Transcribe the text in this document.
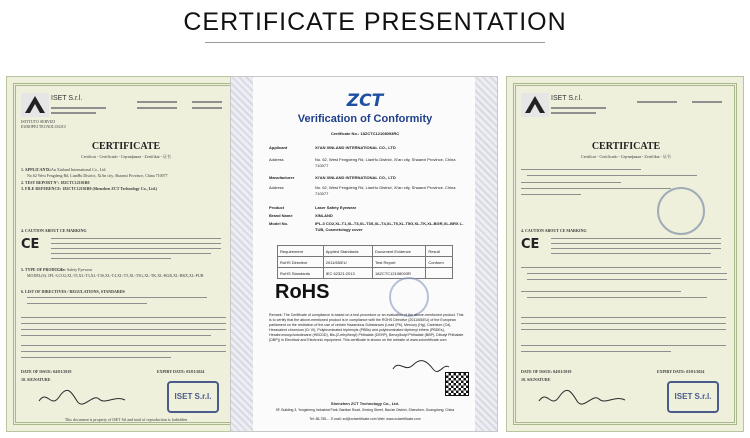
CERTIFICATE PRESENTATION
ISET S.r.l.
ISTITUTO SERVIZI
EUROPEI TECNOLOGICI
CERTIFICATE
Certificat - Certificado - Сертификат - Zertifikat - 证书
1. APPLICANT:
XiAn Xinland International Co., Ltd.
No.62 West Fengdeng Rd, LianHu District, XiAn city, Shaanxi Province, China 710077
2. TEST REPORT N°: 182CTC12101B0
3. FILE REFERENCE: 182CTC12101B0 (Shenzhen ZCT Technology Co., Ltd.)
4. CAUTION ABOUT CE MARKING
CE
5. TYPE OF PRODUCT:
Laser Safety Eyewear
MODEL(S): IPL-3,CO2,XL-TI,XL-T3,XL-T3S,XL-T4,XL-T5,XL-T5G,XL-TK,XL-BGR,XL-BRX,XL-PUB
6. LIST OF DIRECTIVES / REGULATIONS, STANDARDS
10. SIGNATURE
DATE OF ISSUE: 04/01/2019	EXPIRY DATE: 03/01/2024
ISET S.r.l.
This document is property of ISET Srl and total of reproduction is forbidden
ISET S.r.l.
CERTIFICATE
Certificat - Certificado - Сертификат - Zertifikat - 证书
4. CAUTION ABOUT CE MARKING
CE
DATE OF ISSUE: 04/01/2019	EXPIRY DATE: 03/01/2024
10. SIGNATURE
ISET S.r.l.
ZCT
Verification of Conformity
Certificate No.: 18ZCTC12108093RC
Applicant	XI'AN XINLAND INTERNATIONAL CO., LTD
Address	No. 62, West Fengdeng Rd, LianHu District, Xi'an city, Shaanxi Province, China 710077
Manufacturer	XI'AN XINLAND INTERNATIONAL CO., LTD
Address	No. 62, West Fengdeng Rd, LianHu District, Xi'an city, Shaanxi Province, China 710077
Product	Laser Safety Eyewear
Brand Name	XINLAND
Model No.	IPL-3 CO2,XL-T1,XL-T3,XL-T3S,XL-T4,XL-T5,XL-T5G,XL-TK,XL-BGR,XL-BRX L-TUB, Cosmetology cover
Requirement	Applied Standards	Document Evidence	Result
RoHS Directive	2011/65/EU	Test Report	Conform
RoHS Standards	IEC 62321:2013	18ZCTC12108093R	
RoHS
Remark: The Certificate of compliance is based on a test procedure or an evaluation of the above-mentioned product. This is to certify that the above-mentioned product is in compliance with the ROHS Directive (2011/65/EU) of the European parliament on the restriction of the use of certain Hazardous Substances (Lead (Pb), Mercury (Hg), Cadmium (Cd), Hexavalent chromium (Cr VI), Polybrominated biphenyls (PBBs) and polybrominated diphenyl ethers (PBDEs), Hexabromocyclododecane (HBCDD), Bis-(2-ethylhexyl) Phthalate (DEHP), Benzylbutyl Phthalate (BBP), Dibutyl Phthalate (DBP)) in Electrical and Electronic equipment. This certificate is shown on the website of www.zctcertificate.com
Shenzhen ZCT Technology Co., Ltd.
5F, Building 3, Yongsheng Industrial Park, Bantian Road, Xinxing Street, Bao'an District, Shenzhen, Guangdong, China
Tel: 86-755-... E-mail: zct@zctcertificate.com Web: www.zctcertificate.com
